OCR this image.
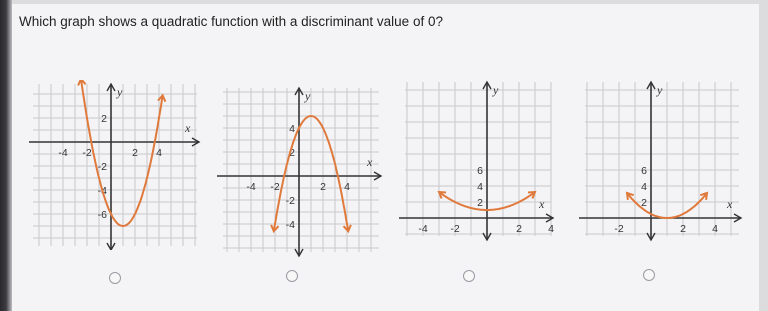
Which graph shows a quadratic function with a discriminant value of 0?
x
y
-4 -2	2 4
2
-2
-4
-6
x
y
-4 -2	2 4
4
2
-2
-4
x
y
-4 -2	2 4
6
4
2	x
y
-2	2 4
6
4
2
